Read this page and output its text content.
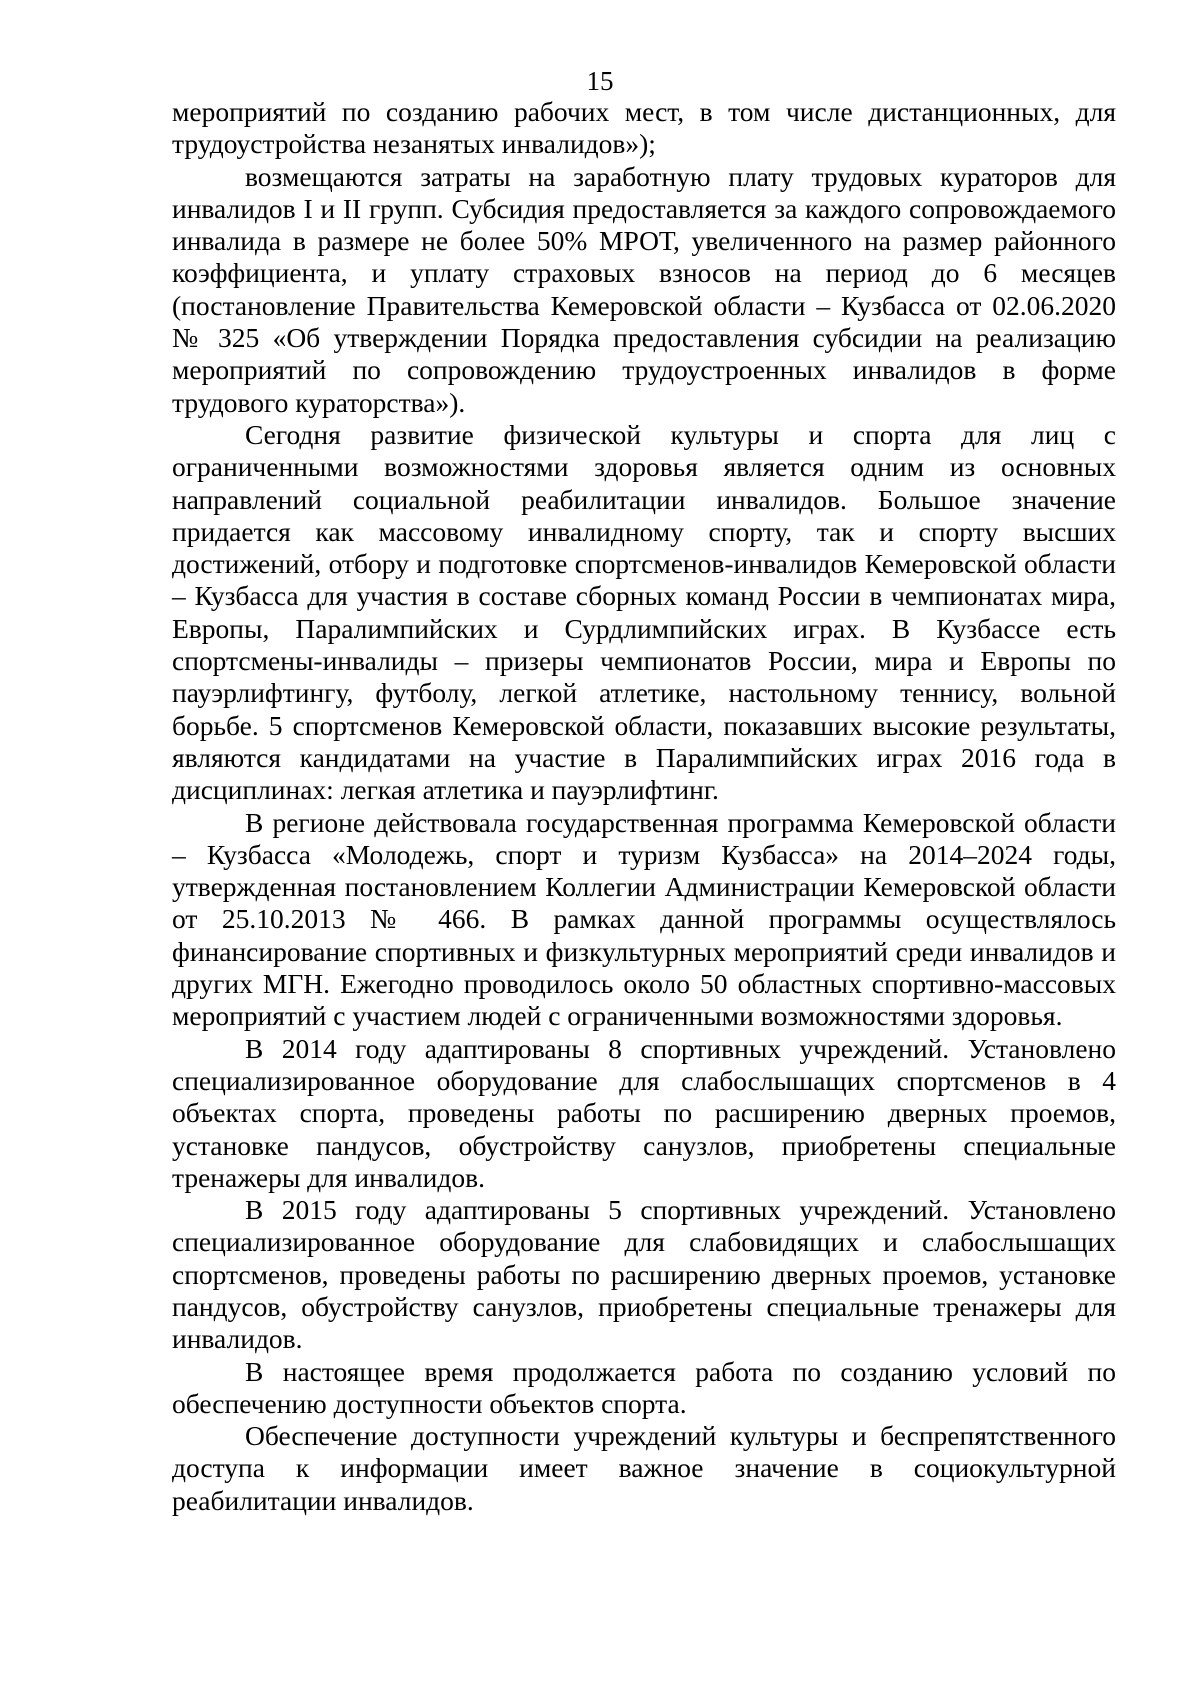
15

мероприятий по созданию рабочих мест, в том числе дистанционных, для трудоустройства незанятых инвалидов»);

возмещаются затраты на заработную плату трудовых кураторов для инвалидов I и II групп. Субсидия предоставляется за каждого сопровождаемого инвалида в размере не более 50% МРОТ, увеличенного на размер районного коэффициента, и уплату страховых взносов на период до 6 месяцев (постановление Правительства Кемеровской области – Кузбасса от 02.06.2020 № 325 «Об утверждении Порядка предоставления субсидии на реализацию мероприятий по сопровождению трудоустроенных инвалидов в форме трудового кураторства»).

Сегодня развитие физической культуры и спорта для лиц с ограниченными возможностями здоровья является одним из основных направлений социальной реабилитации инвалидов. Большое значение придается как массовому инвалидному спорту, так и спорту высших достижений, отбору и подготовке спортсменов-инвалидов Кемеровской области – Кузбасса для участия в составе сборных команд России в чемпионатах мира, Европы, Паралимпийских и Сурдлимпийских играх. В Кузбассе есть спортсмены-инвалиды – призеры чемпионатов России, мира и Европы по пауэрлифтингу, футболу, легкой атлетике, настольному теннису, вольной борьбе. 5 спортсменов Кемеровской области, показавших высокие результаты, являются кандидатами на участие в Паралимпийских играх 2016 года в дисциплинах: легкая атлетика и пауэрлифтинг.

В регионе действовала государственная программа Кемеровской области – Кузбасса «Молодежь, спорт и туризм Кузбасса» на 2014–2024 годы, утвержденная постановлением Коллегии Администрации Кемеровской области от 25.10.2013 № 466. В рамках данной программы осуществлялось финансирование спортивных и физкультурных мероприятий среди инвалидов и других МГН. Ежегодно проводилось около 50 областных спортивно-массовых мероприятий с участием людей с ограниченными возможностями здоровья.

В 2014 году адаптированы 8 спортивных учреждений. Установлено специализированное оборудование для слабослышащих спортсменов в 4 объектах спорта, проведены работы по расширению дверных проемов, установке пандусов, обустройству санузлов, приобретены специальные тренажеры для инвалидов.

В 2015 году адаптированы 5 спортивных учреждений. Установлено специализированное оборудование для слабовидящих и слабослышащих спортсменов, проведены работы по расширению дверных проемов, установке пандусов, обустройству санузлов, приобретены специальные тренажеры для инвалидов.

В настоящее время продолжается работа по созданию условий по обеспечению доступности объектов спорта.

Обеспечение доступности учреждений культуры и беспрепятственного доступа к информации имеет важное значение в социокультурной реабилитации инвалидов.
